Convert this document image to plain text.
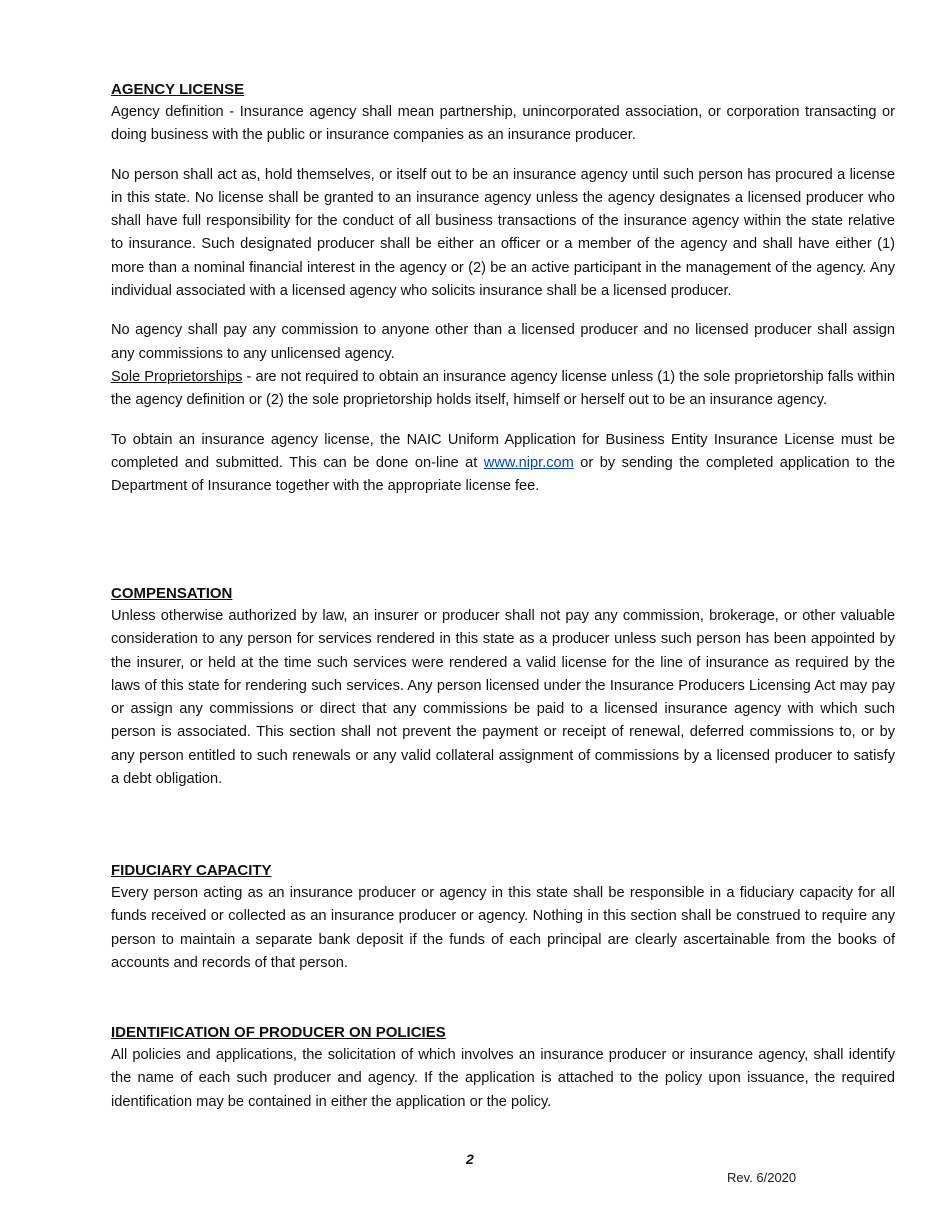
AGENCY LICENSE

Agency definition - Insurance agency shall mean partnership, unincorporated association, or corporation transacting or doing business with the public or insurance companies as an insurance producer.

No person shall act as, hold themselves, or itself out to be an insurance agency until such person has procured a license in this state. No license shall be granted to an insurance agency unless the agency designates a licensed producer who shall have full responsibility for the conduct of all business transactions of the insurance agency within the state relative to insurance. Such designated producer shall be either an officer or a member of the agency and shall have either (1) more than a nominal financial interest in the agency or (2) be an active participant in the management of the agency. Any individual associated with a licensed agency who solicits insurance shall be a licensed producer.

No agency shall pay any commission to anyone other than a licensed producer and no licensed producer shall assign any commissions to any unlicensed agency.

Sole Proprietorships - are not required to obtain an insurance agency license unless (1) the sole proprietorship falls within the agency definition or (2) the sole proprietorship holds itself, himself or herself out to be an insurance agency.

To obtain an insurance agency license, the NAIC Uniform Application for Business Entity Insurance License must be completed and submitted. This can be done on-line at www.nipr.com or by sending the completed application to the Department of Insurance together with the appropriate license fee.

COMPENSATION

Unless otherwise authorized by law, an insurer or producer shall not pay any commission, brokerage, or other valuable consideration to any person for services rendered in this state as a producer unless such person has been appointed by the insurer, or held at the time such services were rendered a valid license for the line of insurance as required by the laws of this state for rendering such services. Any person licensed under the Insurance Producers Licensing Act may pay or assign any commissions or direct that any commissions be paid to a licensed insurance agency with which such person is associated. This section shall not prevent the payment or receipt of renewal, deferred commissions to, or by any person entitled to such renewals or any valid collateral assignment of commissions by a licensed producer to satisfy a debt obligation.

FIDUCIARY CAPACITY

Every person acting as an insurance producer or agency in this state shall be responsible in a fiduciary capacity for all funds received or collected as an insurance producer or agency. Nothing in this section shall be construed to require any person to maintain a separate bank deposit if the funds of each principal are clearly ascertainable from the books of accounts and records of that person.

IDENTIFICATION OF PRODUCER ON POLICIES

All policies and applications, the solicitation of which involves an insurance producer or insurance agency, shall identify the name of each such producer and agency. If the application is attached to the policy upon issuance, the required identification may be contained in either the application or the policy.

2
Rev. 6/2020
